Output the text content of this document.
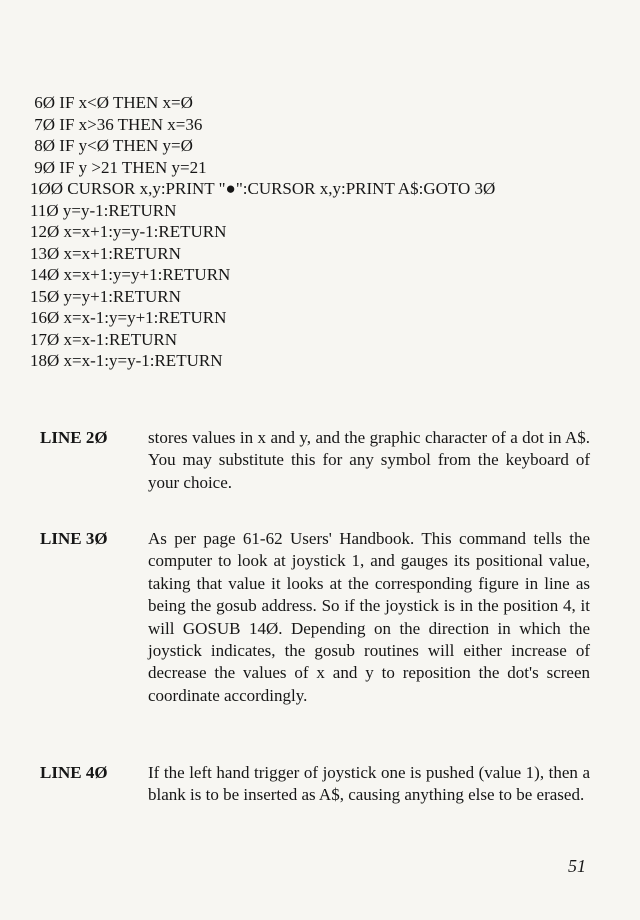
6Ø IF x<Ø THEN x=Ø
7Ø IF x>36 THEN x=36
8Ø IF y<Ø THEN y=Ø
9Ø IF y >21 THEN y=21
1ØØ CURSOR x,y:PRINT "●":CURSOR x,y:PRINT A$:GOTO 3Ø
11Ø y=y-1:RETURN
12Ø x=x+1:y=y-1:RETURN
13Ø x=x+1:RETURN
14Ø x=x+1:y=y+1:RETURN
15Ø y=y+1:RETURN
16Ø x=x-1:y=y+1:RETURN
17Ø x=x-1:RETURN
18Ø x=x-1:y=y-1:RETURN
LINE 2Ø	stores values in x and y, and the graphic character of a dot in A$. You may substitute this for any symbol from the keyboard of your choice.
LINE 3Ø	As per page 61-62 Users' Handbook. This command tells the computer to look at joystick 1, and gauges its positional value, taking that value it looks at the corresponding figure in line as being the gosub address. So if the joystick is in the position 4, it will GOSUB 14Ø. Depending on the direction in which the joystick indicates, the gosub routines will either increase of decrease the values of x and y to reposition the dot's screen coordinate accordingly.
LINE 4Ø	If the left hand trigger of joystick one is pushed (value 1), then a blank is to be inserted as A$, causing anything else to be erased.
51
